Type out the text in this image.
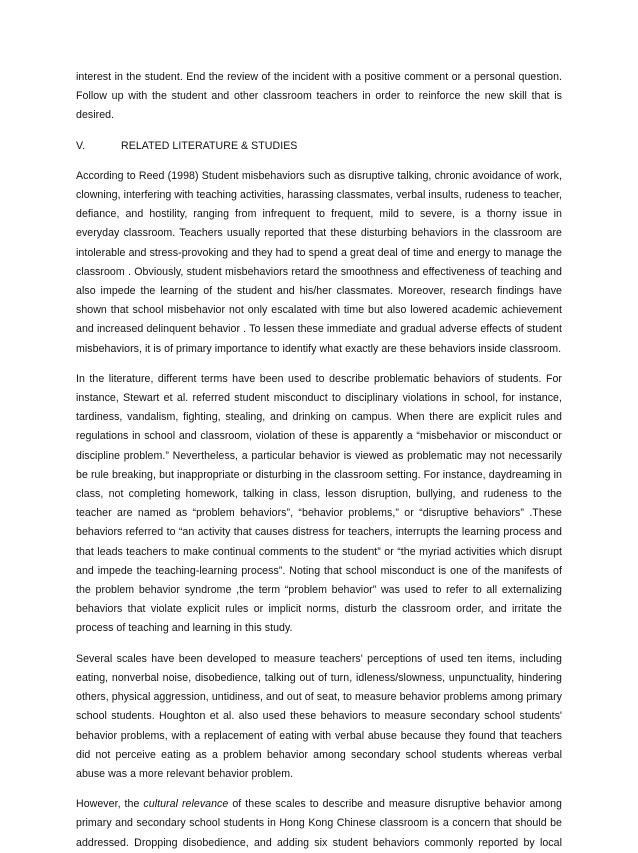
interest in the student. End the review of the incident with a positive comment or a personal question. Follow up with the student and other classroom teachers in order to reinforce the new skill that is desired.

V.	RELATED LITERATURE & STUDIES

According to Reed (1998) Student misbehaviors such as disruptive talking, chronic avoidance of work, clowning, interfering with teaching activities, harassing classmates, verbal insults, rudeness to teacher, defiance, and hostility, ranging from infrequent to frequent, mild to severe, is a thorny issue in everyday classroom. Teachers usually reported that these disturbing behaviors in the classroom are intolerable and stress-provoking and they had to spend a great deal of time and energy to manage the classroom . Obviously, student misbehaviors retard the smoothness and effectiveness of teaching and also impede the learning of the student and his/her classmates. Moreover, research findings have shown that school misbehavior not only escalated with time but also lowered academic achievement and increased delinquent behavior . To lessen these immediate and gradual adverse effects of student misbehaviors, it is of primary importance to identify what exactly are these behaviors inside classroom.

In the literature, different terms have been used to describe problematic behaviors of students. For instance, Stewart et al. referred student misconduct to disciplinary violations in school, for instance, tardiness, vandalism, fighting, stealing, and drinking on campus. When there are explicit rules and regulations in school and classroom, violation of these is apparently a “misbehavior or misconduct or discipline problem.” Nevertheless, a particular behavior is viewed as problematic may not necessarily be rule breaking, but inappropriate or disturbing in the classroom setting. For instance, daydreaming in class, not completing homework, talking in class, lesson disruption, bullying, and rudeness to the teacher are named as “problem behaviors”, “behavior problems,” or “disruptive behaviors” .These behaviors referred to “an activity that causes distress for teachers, interrupts the learning process and that leads teachers to make continual comments to the student” or “the myriad activities which disrupt and impede the teaching-learning process”. Noting that school misconduct is one of the manifests of the problem behavior syndrome ,the term “problem behavior” was used to refer to all externalizing behaviors that violate explicit rules or implicit norms, disturb the classroom order, and irritate the process of teaching and learning in this study.

Several scales have been developed to measure teachers' perceptions of used ten items, including eating, nonverbal noise, disobedience, talking out of turn, idleness/slowness, unpunctuality, hindering others, physical aggression, untidiness, and out of seat, to measure behavior problems among primary school students. Houghton et al. also used these behaviors to measure secondary school students' behavior problems, with a replacement of eating with verbal abuse because they found that teachers did not perceive eating as a problem behavior among secondary school students whereas verbal abuse was a more relevant behavior problem.

However, the cultural relevance of these scales to describe and measure disruptive behavior among primary and secondary school students in Hong Kong Chinese classroom is a concern that should be addressed. Dropping disobedience, and adding six student behaviors commonly reported by local
